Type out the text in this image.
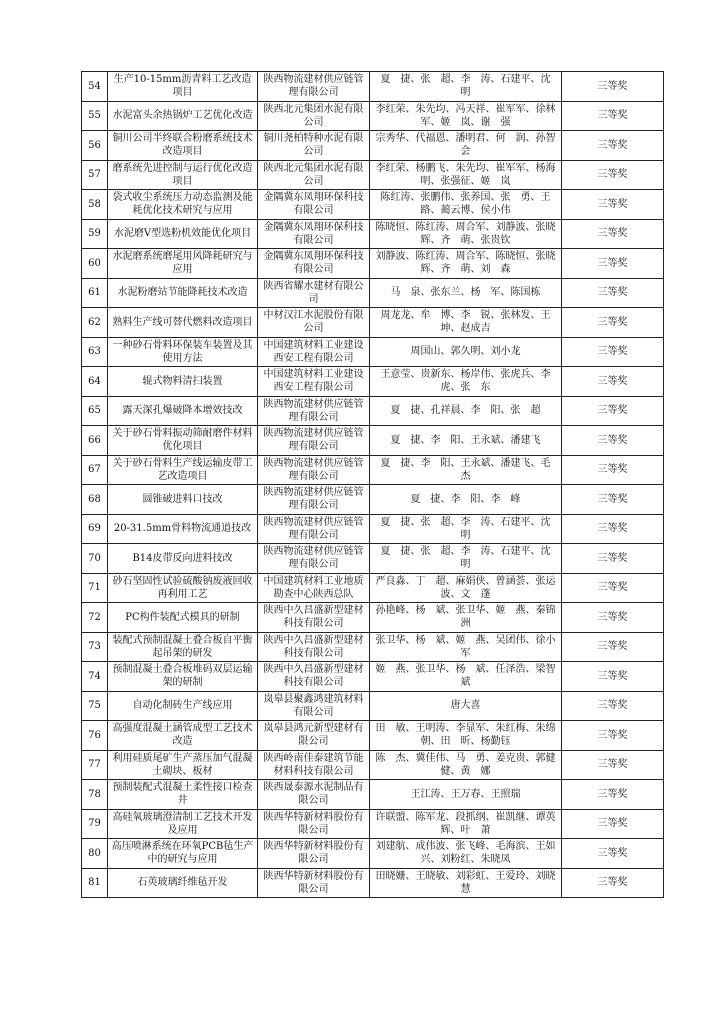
54	生产10-15mm沥青料工艺改造项目	陕西物流建材供应链管理有限公司	夏　捷、张　超、李　涛、石建平、沈　明	三等奖
55	水泥富头余热锅炉工艺优化改造	陕西北元集团水泥有限公司	李红荣、朱先均、冯天祥、崔军军、徐林军、姬　岚、谢　强	三等奖
56	铜川公司半终联合粉磨系统技术改造项目	铜川尧柏特种水泥有限公司	宗秀华、代福恩、潘明君、何　润、孙智会	三等奖
57	磨系统先进控制与运行优化改造项目	陕西北元集团水泥有限公司	李红荣、杨鹏飞、朱先均、崔军军、杨海明、张强征、姬　岚	三等奖
58	袋式收尘系统压力动态监测及能耗优化技术研究与应用	金隅冀东凤翔环保科技有限公司	陈红涛、张鹏伟、张养国、张　勇、王　路、蔺云博、侯小伟	三等奖
59	水泥磨V型选粉机效能优化项目	金隅冀东凤翔环保科技有限公司	陈晓恒、陈红涛、周合军、刘静波、张晓辉、齐　萌、张贵钦	三等奖
60	水泥磨系统磨尾用风降耗研究与应用	金隅冀东凤翔环保科技有限公司	刘静波、陈红涛、周合军、陈晓恒、张晓辉、齐　萌、刘　森	三等奖
61	水泥粉磨站节能降耗技术改造	陕西省耀水建材有限公司	马　泉、张东兰、杨　军、陈国栋	三等奖
62	熟料生产线可替代燃料改造项目	中材汉江水泥股份有限公司	周龙龙、牟　博、李　锐、张林发、王　坤、赵成吉	三等奖
63	一种砂石骨料环保装车装置及其使用方法	中国建筑材料工业建设西安工程有限公司	周国山、郭久明、刘小龙	三等奖
64	辊式物料清扫装置	中国建筑材料工业建设西安工程有限公司	王意莹、贵新东、杨岸伟、张虎兵、李　虎、张　东	三等奖
65	露天深孔爆破降本增效技改	陕西物流建材供应链管理有限公司	夏　捷、孔祥晨、李　阳、张　超	三等奖
66	关于砂石骨料振动筛耐磨件材料优化项目	陕西物流建材供应链管理有限公司	夏　捷、李　阳、王永斌、潘建飞	三等奖
67	关于砂石骨料生产线运输皮带工艺改造项目	陕西物流建材供应链管理有限公司	夏　捷、李　阳、王永斌、潘建飞、毛　杰	三等奖
68	圆锥破进料口技改	陕西物流建材供应链管理有限公司	夏　捷、李　阳、李　峰	三等奖
69	20-31.5mm骨料物流通道技改	陕西物流建材供应链管理有限公司	夏　捷、张　超、李　涛、石建平、沈　明	三等奖
70	B14皮带反向进料技改	陕西物流建材供应链管理有限公司	夏　捷、张　超、李　涛、石建平、沈　明	三等奖
71	砂石坚固性试验硫酸钠废液回收再利用工艺	中国建筑材料工业地质勘查中心陕西总队	严良淼、丁　超、麻娟侠、曾涵荟、张运波、文　蓬	三等奖
72	PC构件装配式模具的研制	陕西中久昌盛新型建材科技有限公司	孙艳峰、杨　斌、张卫华、姬　燕、秦锦洲	三等奖
73	装配式预制混凝土叠合板自平衡起吊架的研发	陕西中久昌盛新型建材科技有限公司	张卫华、杨　斌、姬　燕、吴团伟、徐小军	三等奖
74	预制混凝土叠合板堆码双层运输架的研制	陕西中久昌盛新型建材科技有限公司	姬　燕、张卫华、杨　斌、任泽浩、梁智斌	三等奖
75	自动化制砖生产线应用	岚皋县聚鑫鸿建筑材料有限公司	唐大喜	三等奖
76	高强度混凝土涵管成型工艺技术改造	岚皋县鸿元新型建材有限公司	田　敏、王明涛、李显军、朱红梅、朱绵朝、田　昕、杨勤钰	三等奖
77	利用硅质尾矿生产蒸压加气混凝土砌块、板材	陕西岭南佳泰建筑节能材料科技有限公司	陈　杰、冀佳伟、马　勇、姜克贵、郭健健、黄　娜	三等奖
78	预制装配式混凝土柔性接口检查井	陕西晟泰源水泥制品有限公司	王江涛、王万春、王照瑞	三等奖
79	高硅氧玻璃澄清制工艺技术开发及应用	陕西华特新材料股份有限公司	许联盟、陈军龙、段抓纲、崔凯继、谭英辉、叶　萧	三等奖
80	高压喷淋系统在环氧PCB毡生产中的研究与应用	陕西华特新材料股份有限公司	刘建航、成伟波、张飞峰、毛海滨、王如兴、刘粉红、朱晓凤	三等奖
81	石英玻璃纤维毡开发	陕西华特新材料股份有限公司	田晓姗、王晓敏、刘彩虹、王爱玲、刘晓慧	三等奖
